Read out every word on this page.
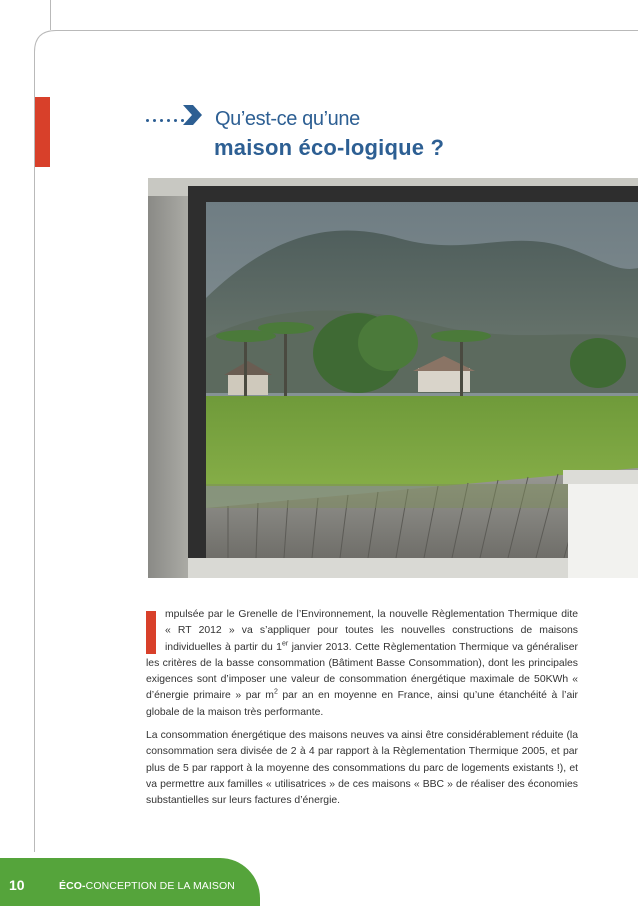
Qu’est-ce qu’une
maison éco-logique ?

mpulsée par le Grenelle de l’Environnement, la nouvelle Règlementation Thermique dite « RT 2012 » va s’appliquer pour toutes les nouvelles constructions de maisons individuelles à partir du 1er janvier 2013. Cette Règlementation Thermique va généraliser les critères de la basse consommation (Bâtiment Basse Consommation), dont les principales exigences sont d’imposer une valeur de consommation énergétique maximale de 50KWh « d’énergie primaire » par $m^2$ par an en moyenne en France, ainsi qu’une étanchéité à l’air globale de la maison très performante.

La consommation énergétique des maisons neuves va ainsi être considérablement réduite (la consommation sera divisée de 2 à 4 par rapport à la Règlementation Thermique 2005, et par plus de 5 par rapport à la moyenne des consommations du parc de logements existants !), et va permettre aux familles « utilisatrices » de ces maisons « BBC » de réaliser des économies substantielles sur leurs factures d’énergie.

10	ÉCO-CONCEPTION DE LA MAISON
